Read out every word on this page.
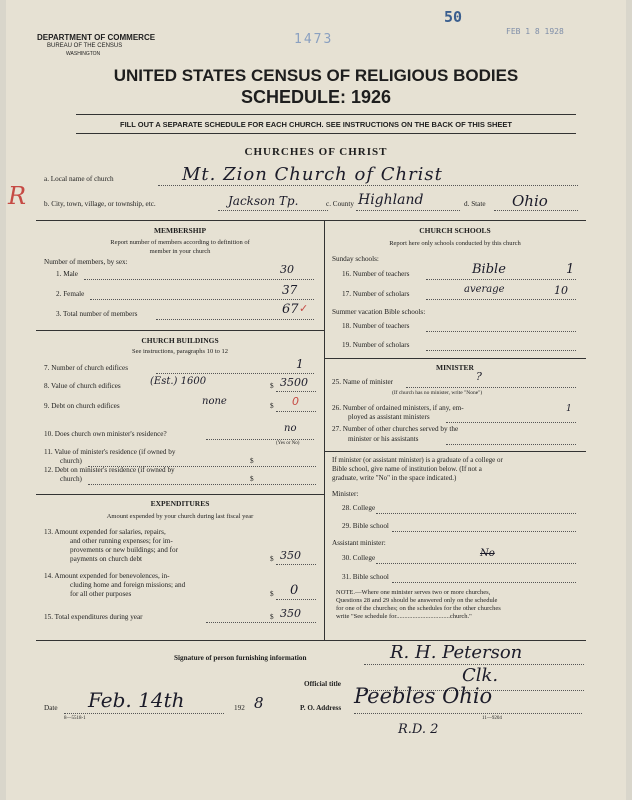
50
1473
FEB 1 8 1928
DEPARTMENT OF COMMERCE
BUREAU OF THE CENSUS
WASHINGTON
UNITED STATES CENSUS OF RELIGIOUS BODIES
SCHEDULE: 1926
FILL OUT A SEPARATE SCHEDULE FOR EACH CHURCH. SEE INSTRUCTIONS ON THE BACK OF THIS SHEET
CHURCHES OF CHRIST
R
a. Local name of church	Mt. Zion Church of Christ
b. City, town, village, or township, etc.	Jackson Tp.	c. County Highland	d. State Ohio
MEMBERSHIP
Report number of members according to definition of
member in your church
Number of members, by sex:
1. Male	30
2. Female	37
3. Total number of members	67 ✓
CHURCH BUILDINGS
See instructions, paragraphs 10 to 12
7. Number of church edifices	1
8. Value of church edifices	(Est.) 1600	$ 3500
9. Debt on church edifices	none	$ 0
10. Does church own minister's residence?	no
(Yes or No)
11. Value of minister's residence (if owned by
church)	$
12. Debt on minister's residence (if owned by
church)	$
EXPENDITURES
Amount expended by your church during last fiscal year
13. Amount expended for salaries, repairs,
and other running expenses; for im-
provements or new buildings; and for
payments on church debt	$ 350
14. Amount expended for benevolences, in-
cluding home and foreign missions; and
for all other purposes	$ 0
15. Total expenditures during year	$ 350
CHURCH SCHOOLS
Report here only schools conducted by this church
Sunday schools:
16. Number of teachers	Bible	1
17. Number of scholars	average	10
Summer vacation Bible schools:
18. Number of teachers
19. Number of scholars
MINISTER
25. Name of minister	?
(If church has no minister, write "None")
26. Number of ordained ministers, if any, em-
ployed as assistant ministers
1
27. Number of other churches served by the
minister or his assistants
If minister (or assistant minister) is a graduate of a college or
Bible school, give name of institution below. (If not a
graduate, write "No" in the space indicated.)
Minister:
28. College
29. Bible school
Assistant minister:
30. College	No
31. Bible school
NOTE.—Where one minister serves two or more churches,
Questions 28 and 29 should be answered only on the schedule
for one of the churches; on the schedules for the other churches
write "See schedule for.................................church."
Signature of person furnishing information	R. H. Peterson
Official title	Clk.
Date Feb. 14th	192 8	P. O. Address Peebles Ohio
R.D. 2
8—5518-1	11—9204
